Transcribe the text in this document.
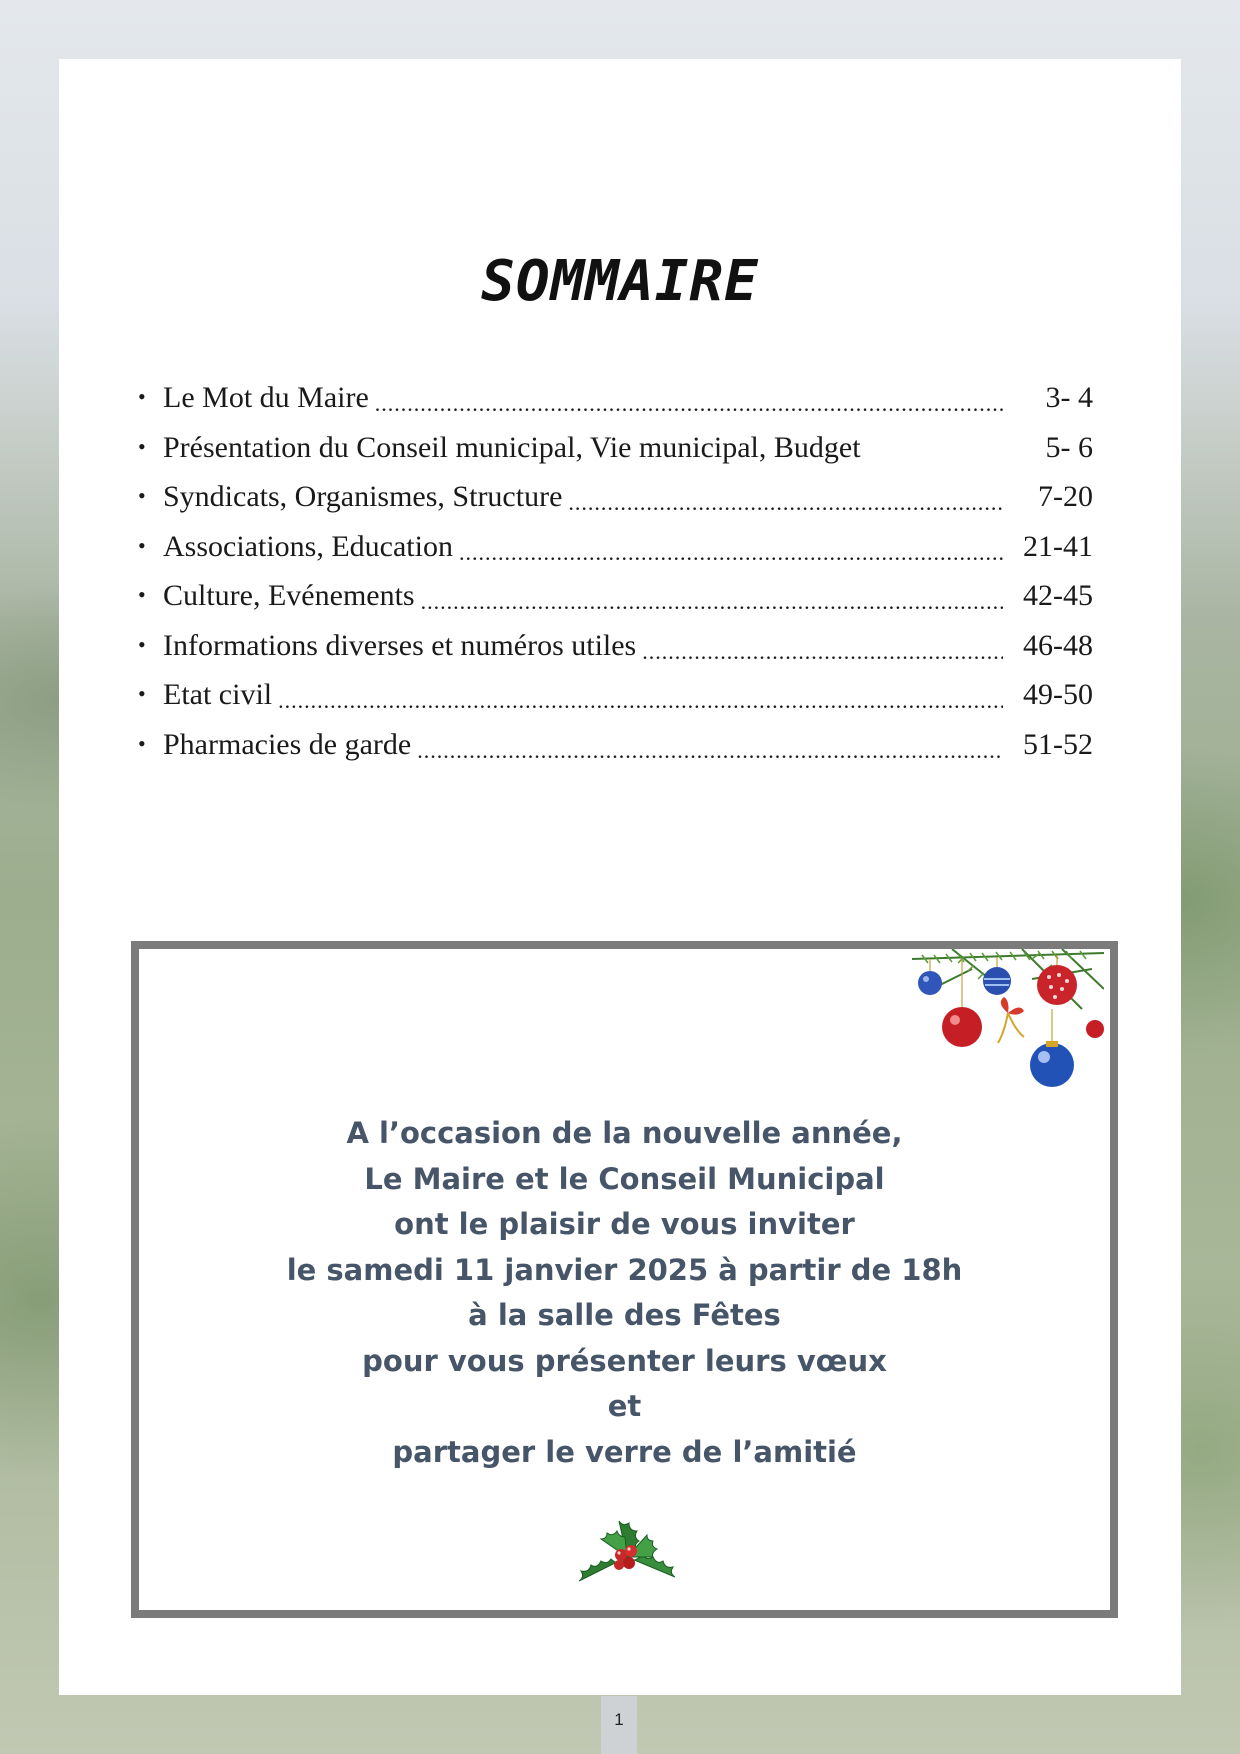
SOMMAIRE
• Le Mot du Maire .....	3- 4
• Présentation du Conseil municipal, Vie municipal, Budget	5- 6
• Syndicats, Organismes, Structure .....	7-20
• Associations, Education .....	21-41
• Culture, Evénements .....	42-45
• Informations diverses et numéros utiles .....	46-48
• Etat civil .....	49-50
• Pharmacies de garde .....	51-52
A l’occasion de la nouvelle année,
Le Maire et le Conseil Municipal
ont le plaisir de vous inviter
le samedi 11 janvier 2025 à partir de 18h
à la salle des Fêtes
pour vous présenter leurs vœux
et
partager le verre de l’amitié
1
